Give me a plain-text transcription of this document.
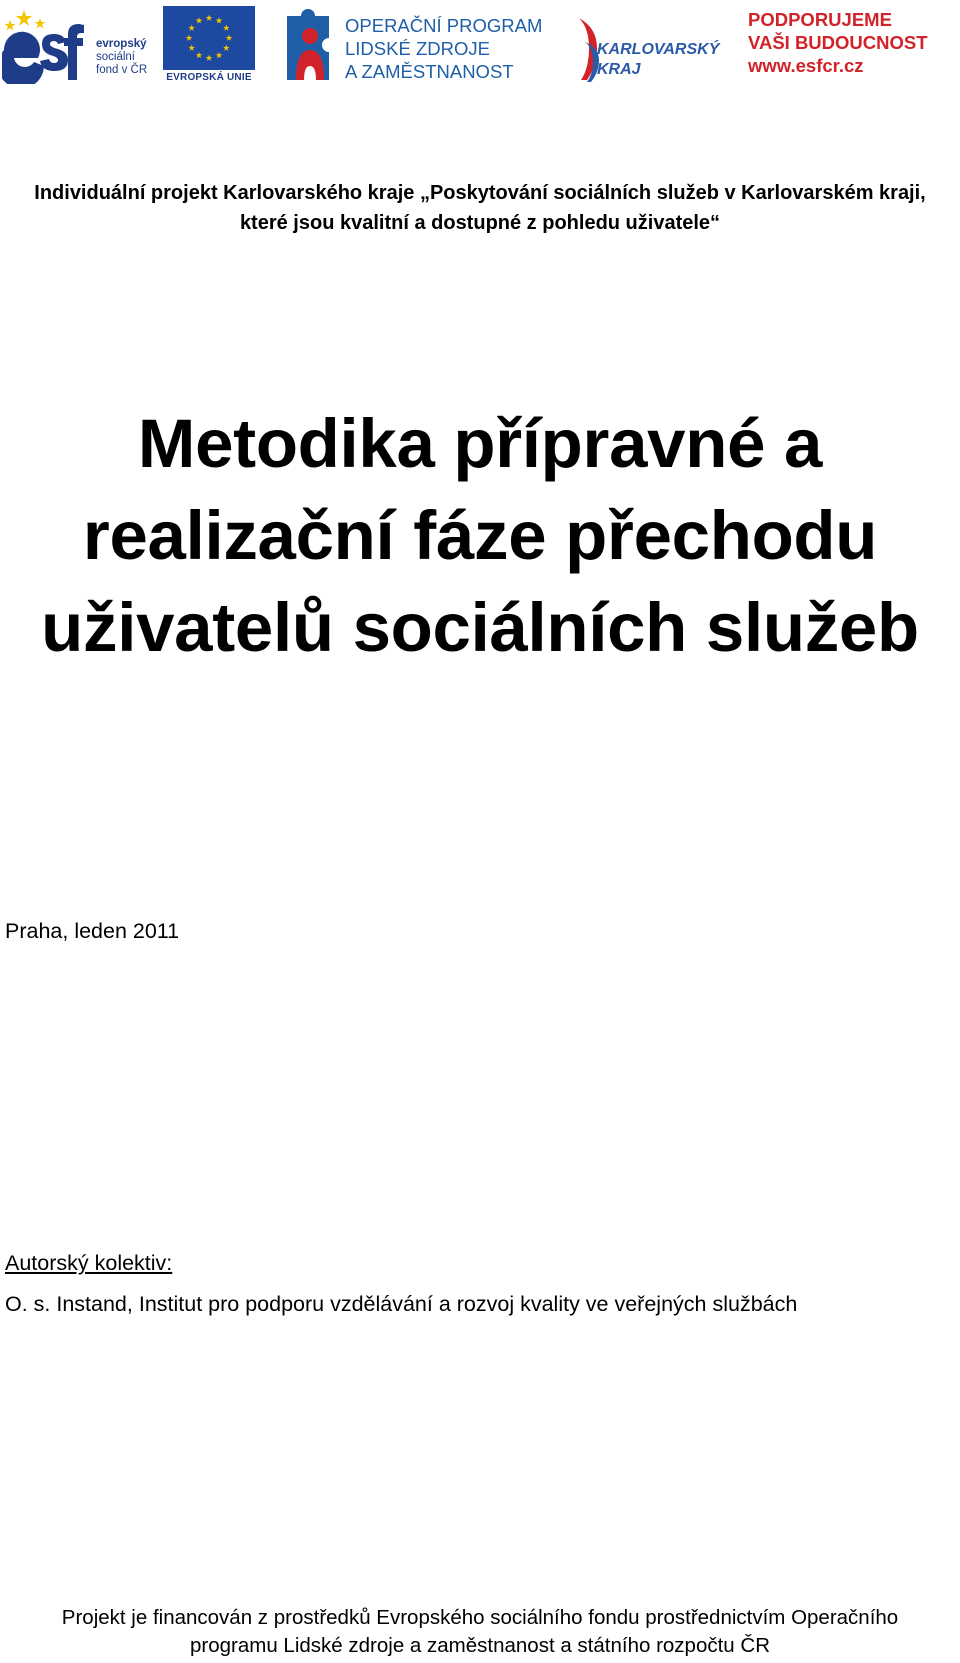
evropský
sociální
fond v ČR
EVROPSKÁ UNIE
OPERAČNÍ PROGRAM
LIDSKÉ ZDROJE
A ZAMĚSTNANOST
KARLOVARSKÝ
KRAJ
PODPORUJEME
VAŠI BUDOUCNOST
www.esfcr.cz
Individuální projekt Karlovarského kraje „Poskytování sociálních služeb v Karlovarském kraji, které jsou kvalitní a dostupné z pohledu uživatele“
Metodika přípravné a
realizační fáze přechodu
uživatelů sociálních služeb
Praha, leden 2011
Autorský kolektiv:
O. s. Instand, Institut pro podporu vzdělávání a rozvoj kvality ve veřejných službách
Projekt je financován z prostředků Evropského sociálního fondu prostřednictvím Operačního
programu Lidské zdroje a zaměstnanost a státního rozpočtu ČR
